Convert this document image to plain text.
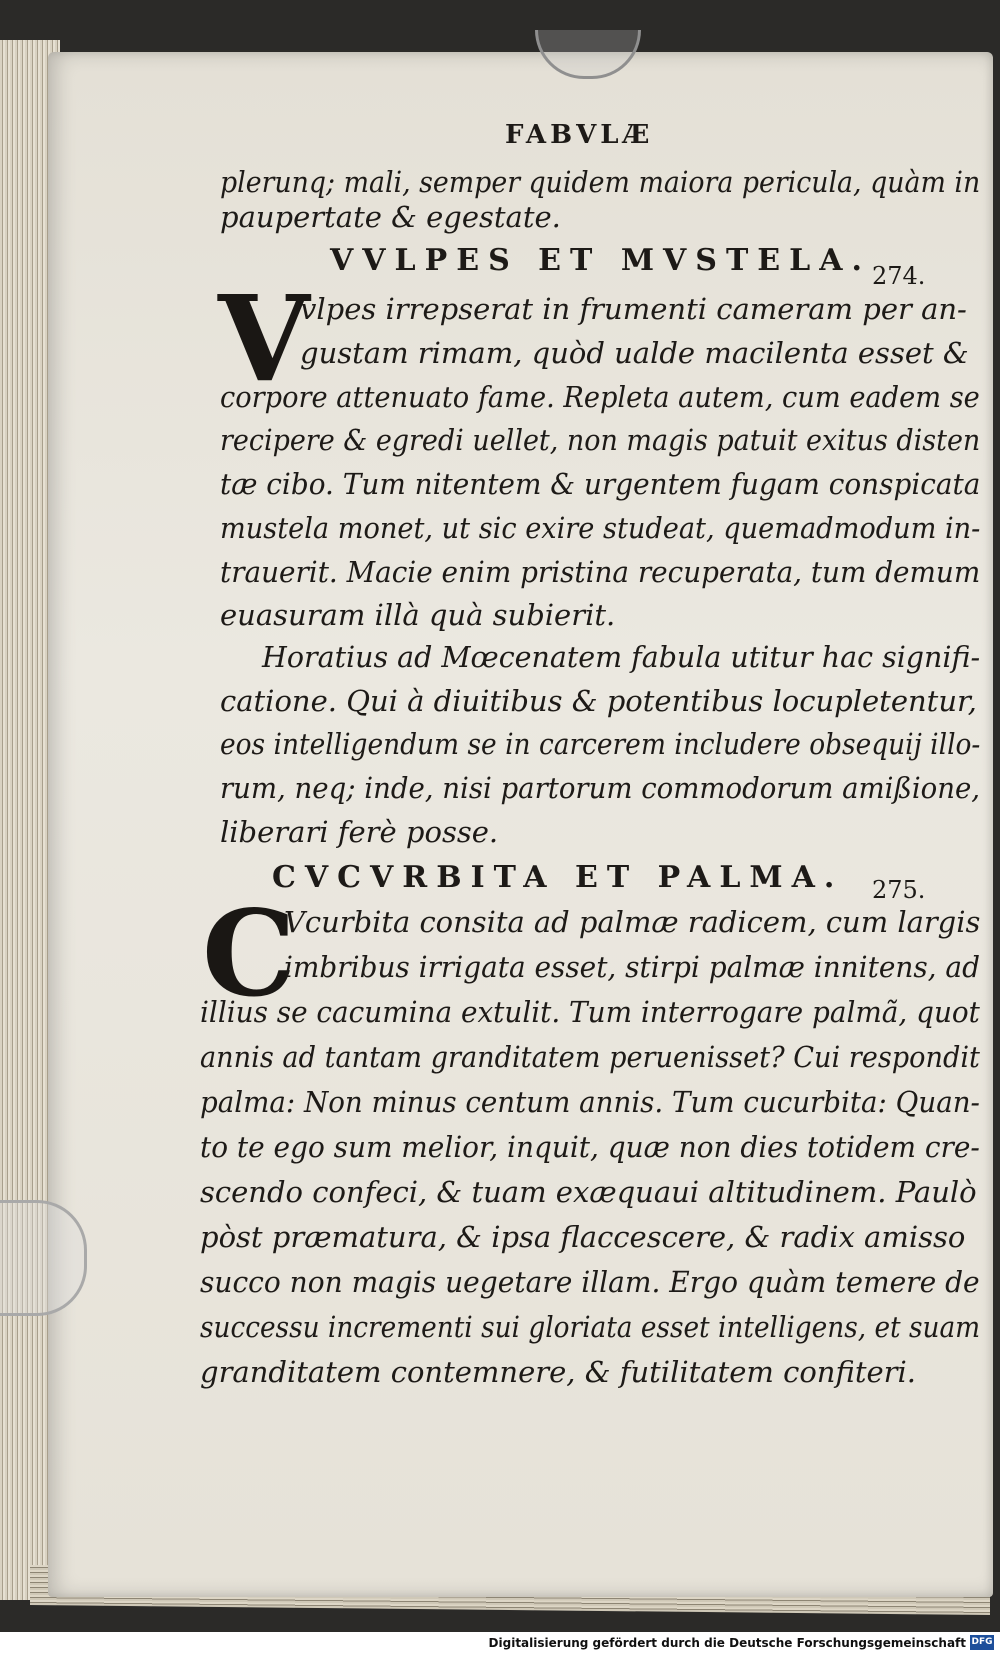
FABVLÆ
plerunq; mali, semper quidem maiora pericula, quàm in
paupertate & egestate.
VVLPES ET MVSTELA. 274.
V
vlpes irrepserat in frumenti cameram per an-
gustam rimam, quòd ualde macilenta esset &
corpore attenuato fame. Repleta autem, cum eadem se
recipere & egredi uellet, non magis patuit exitus disten
tæ cibo. Tum nitentem & urgentem fugam conspicata
mustela monet, ut sic exire studeat, quemadmodum in-
trauerit. Macie enim pristina recuperata, tum demum
euasuram illà quà subierit.
Horatius ad Mœcenatem fabula utitur hac signifi-
catione. Qui à diuitibus & potentibus locupletentur,
eos intelligendum se in carcerem includere obsequij illo-
rum, neq; inde, nisi partorum commodorum amißione,
liberari ferè posse.
CVCVRBITA ET PALMA. 275.
C
Vcurbita consita ad palmæ radicem, cum largis
imbribus irrigata esset, stirpi palmæ innitens, ad
illius se cacumina extulit. Tum interrogare palmã, quot
annis ad tantam granditatem peruenisset? Cui respondit
palma: Non minus centum annis. Tum cucurbita: Quan-
to te ego sum melior, inquit, quæ non dies totidem cre-
scendo confeci, & tuam exæquaui altitudinem. Paulò
pòst præmatura, & ipsa flaccescere, & radix amisso
succo non magis uegetare illam. Ergo quàm temere de
successu incrementi sui gloriata esset intelligens, et suam
granditatem contemnere, & futilitatem confiteri.
Digitalisierung gefördert durch die Deutsche Forschungsgemeinschaft DFG
